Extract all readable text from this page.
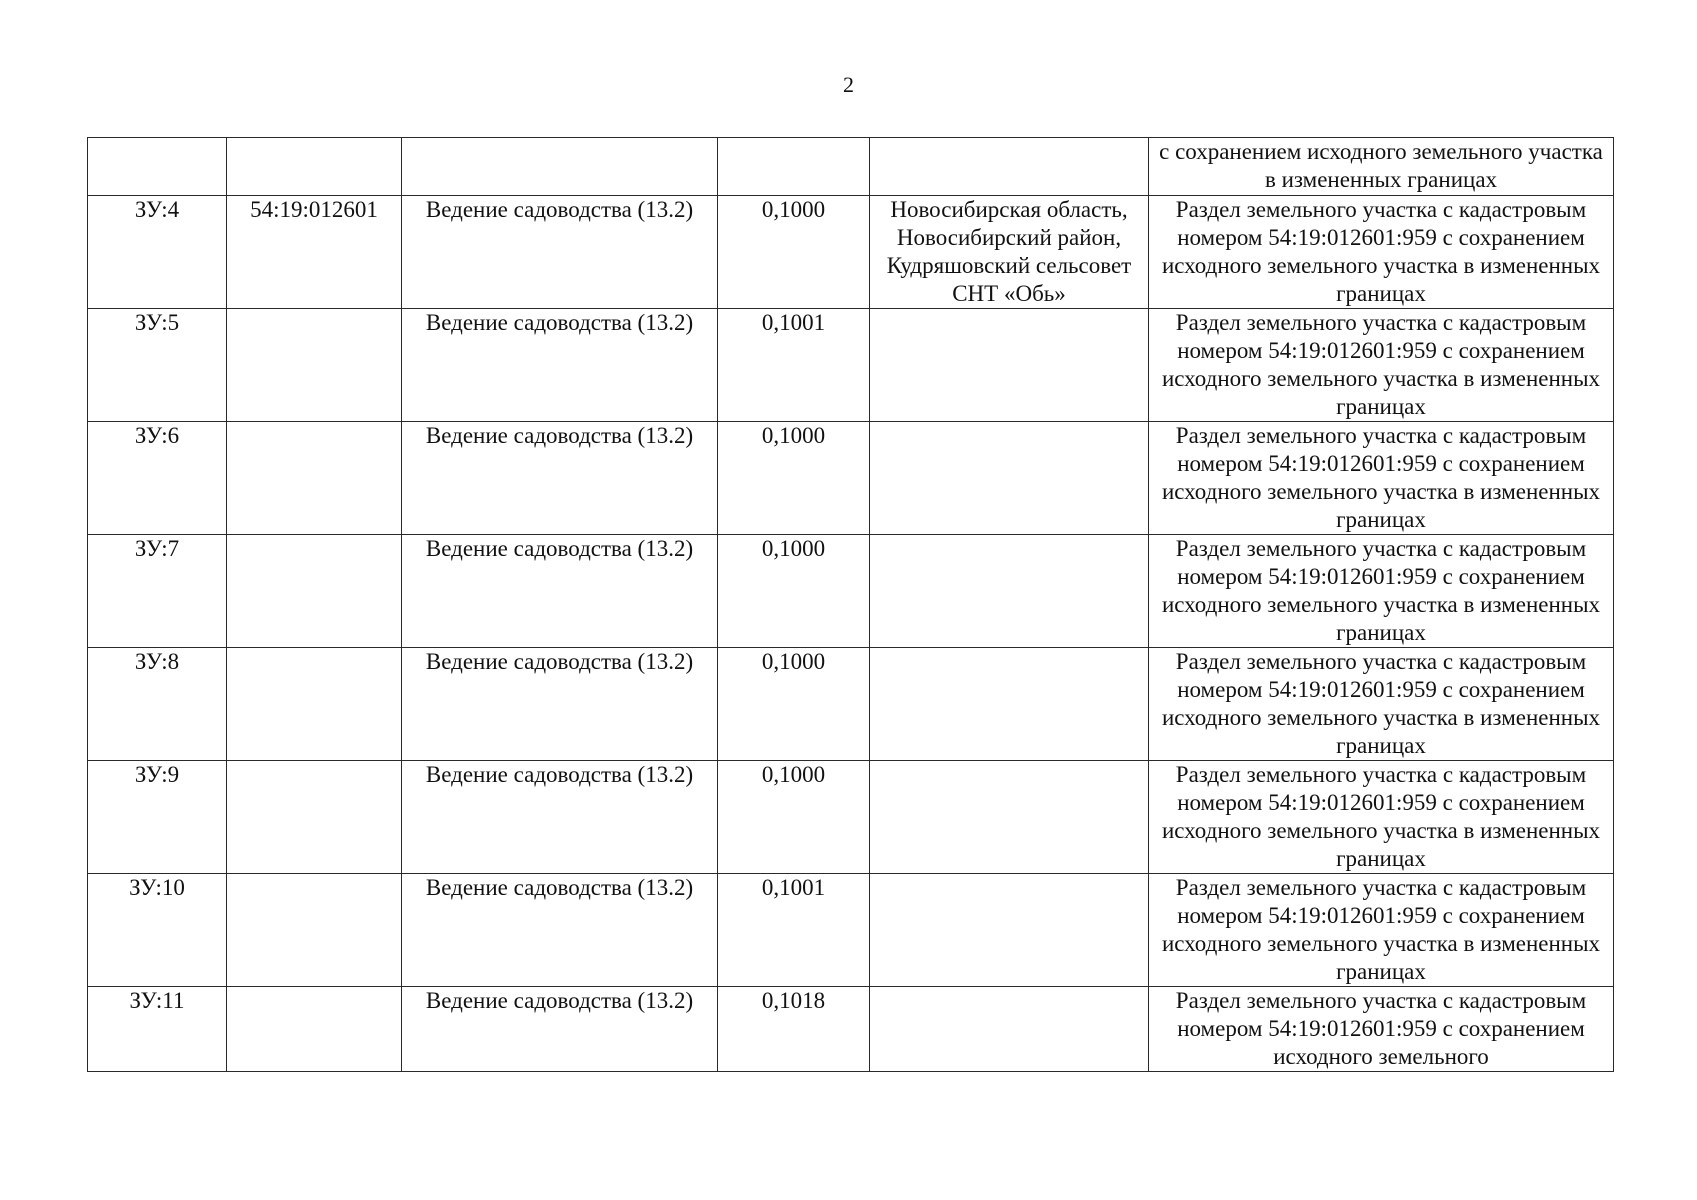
2

					с сохранением исходного земельного участка в измененных границах

ЗУ:4	54:19:012601	Ведение садоводства (13.2)	0,1000	Новосибирская область, Новосибирский район, Кудряшовский сельсовет СНТ «Обь»	Раздел земельного участка с кадастровым номером 54:19:012601:959 с сохранением исходного земельного участка в измененных границах
ЗУ:5		Ведение садоводства (13.2)	0,1001		Раздел земельного участка с кадастровым номером 54:19:012601:959 с сохранением исходного земельного участка в измененных границах
ЗУ:6		Ведение садоводства (13.2)	0,1000		Раздел земельного участка с кадастровым номером 54:19:012601:959 с сохранением исходного земельного участка в измененных границах
ЗУ:7		Ведение садоводства (13.2)	0,1000		Раздел земельного участка с кадастровым номером 54:19:012601:959 с сохранением исходного земельного участка в измененных границах
ЗУ:8		Ведение садоводства (13.2)	0,1000		Раздел земельного участка с кадастровым номером 54:19:012601:959 с сохранением исходного земельного участка в измененных границах
ЗУ:9		Ведение садоводства (13.2)	0,1000		Раздел земельного участка с кадастровым номером 54:19:012601:959 с сохранением исходного земельного участка в измененных границах
ЗУ:10		Ведение садоводства (13.2)	0,1001		Раздел земельного участка с кадастровым номером 54:19:012601:959 с сохранением исходного земельного участка в измененных границах
ЗУ:11		Ведение садоводства (13.2)	0,1018		Раздел земельного участка с кадастровым номером 54:19:012601:959 с сохранением исходного земельного
